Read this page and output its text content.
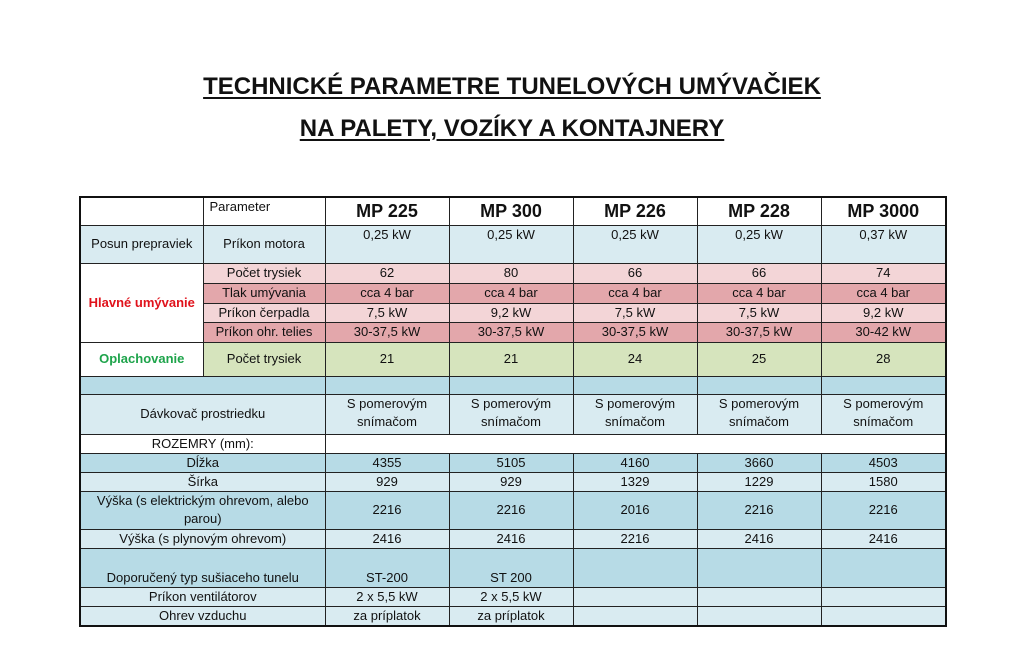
TECHNICKÉ PARAMETRE TUNELOVÝCH UMÝVAČIEK
NA PALETY, VOZÍKY A KONTAJNERY
	Parameter	MP 225	MP 300	MP 226	MP 228	MP 3000
Posun prepraviek	Príkon motora	0,25 kW	0,25 kW	0,25 kW	0,25 kW	0,37 kW
Hlavné umývanie	Počet trysiek	62	80	66	66	74
	Tlak umývania	cca 4 bar	cca 4 bar	cca 4 bar	cca 4 bar	cca 4 bar
	Príkon čerpadla	7,5 kW	9,2 kW	7,5 kW	7,5 kW	9,2 kW
	Príkon ohr. telies	30-37,5 kW	30-37,5 kW	30-37,5 kW	30-37,5 kW	30-42 kW
Oplachovanie	Počet trysiek	21	21	24	25	28

Dávkovač prostriedku		S pomerovým snímačom	S pomerovým snímačom	S pomerovým snímačom	S pomerovým snímačom	S pomerovým snímačom
ROZEMRY (mm):						
Dĺžka		4355	5105	4160	3660	4503
Šírka		929	929	1329	1229	1580
Výška (s elektrickým ohrevom, alebo parou)		2216	2216	2016	2216	2216
Výška (s plynovým ohrevom)		2416	2416	2216	2416	2416
Doporučený typ sušiaceho tunelu		ST-200	ST 200			
Príkon ventilátorov		2 x 5,5 kW	2 x 5,5 kW			
Ohrev vzduchu		za príplatok	za príplatok			
